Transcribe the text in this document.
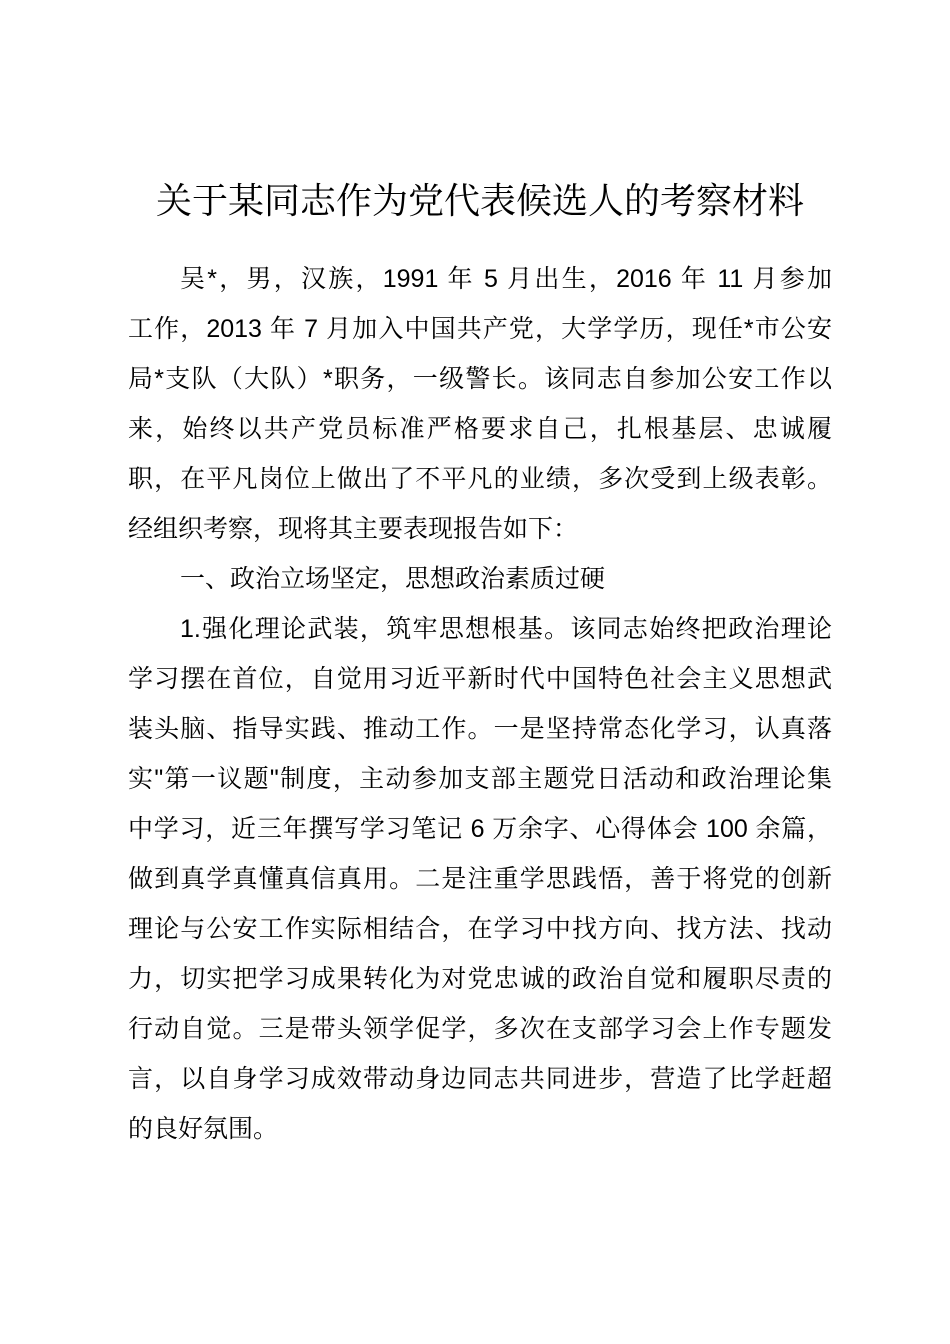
关于某同志作为党代表候选人的考察材料
吴*，男，汉族，1991 年 5 月出生，2016 年 11 月参加
工作，2013 年 7 月加入中国共产党，大学学历，现任*市公安
局*支队（大队）*职务，一级警长。该同志自参加公安工作以
来，始终以共产党员标准严格要求自己，扎根基层、忠诚履
职，在平凡岗位上做出了不平凡的业绩，多次受到上级表彰。
经组织考察，现将其主要表现报告如下：
一、政治立场坚定，思想政治素质过硬
1.强化理论武装，筑牢思想根基。该同志始终把政治理论
学习摆在首位，自觉用习近平新时代中国特色社会主义思想武
装头脑、指导实践、推动工作。一是坚持常态化学习，认真落
实"第一议题"制度，主动参加支部主题党日活动和政治理论集
中学习，近三年撰写学习笔记 6 万余字、心得体会 100 余篇，
做到真学真懂真信真用。二是注重学思践悟，善于将党的创新
理论与公安工作实际相结合，在学习中找方向、找方法、找动
力，切实把学习成果转化为对党忠诚的政治自觉和履职尽责的
行动自觉。三是带头领学促学，多次在支部学习会上作专题发
言，以自身学习成效带动身边同志共同进步，营造了比学赶超
的良好氛围。
